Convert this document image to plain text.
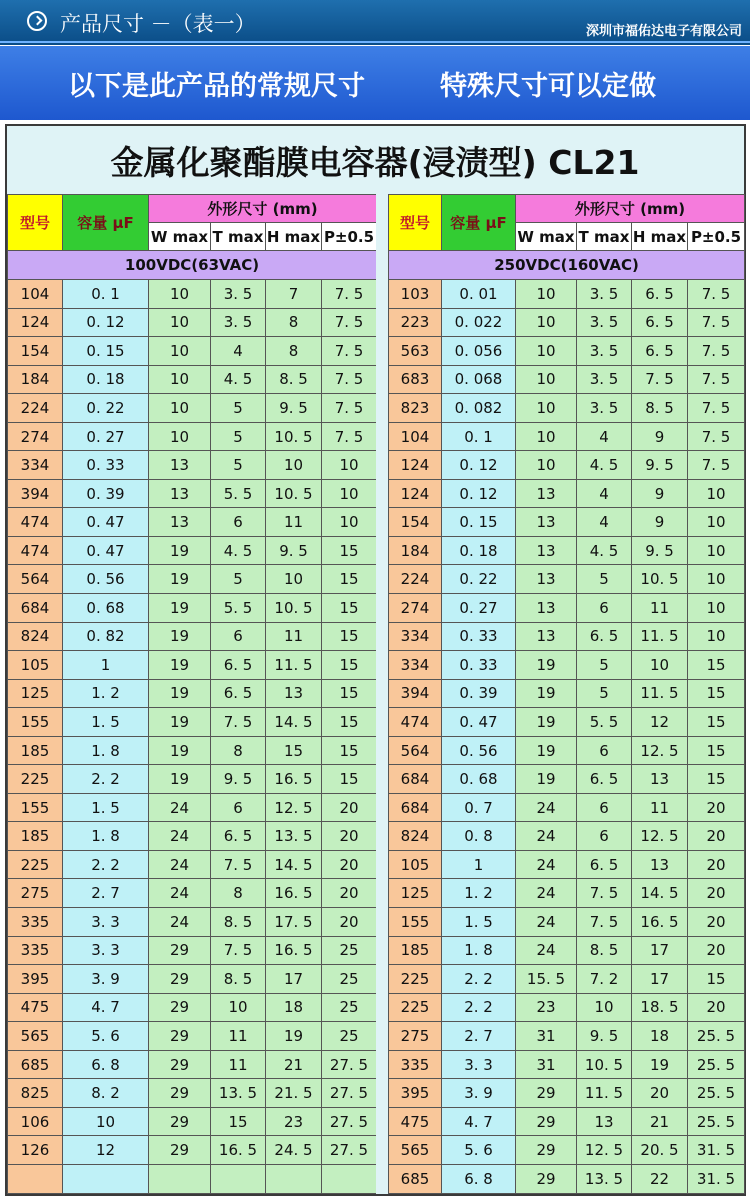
产品尺寸 －（表一）	深圳市福佑达电子有限公司
以下是此产品的常规尺寸	特殊尺寸可以定做
金属化聚酯膜电容器(浸渍型) CL21
型号	容量 μF	外形尺寸 (mm)			
		W max	T max	H max	P±0.5
100VDC(63VAC)					
104	0. 1	10	3. 5	7	7. 5
124	0. 12	10	3. 5	8	7. 5
154	0. 15	10	4	8	7. 5
184	0. 18	10	4. 5	8. 5	7. 5
224	0. 22	10	5	9. 5	7. 5
274	0. 27	10	5	10. 5	7. 5
334	0. 33	13	5	10	10
394	0. 39	13	5. 5	10. 5	10
474	0. 47	13	6	11	10
474	0. 47	19	4. 5	9. 5	15
564	0. 56	19	5	10	15
684	0. 68	19	5. 5	10. 5	15
824	0. 82	19	6	11	15
105	1	19	6. 5	11. 5	15
125	1. 2	19	6. 5	13	15
155	1. 5	19	7. 5	14. 5	15
185	1. 8	19	8	15	15
225	2. 2	19	9. 5	16. 5	15
155	1. 5	24	6	12. 5	20
185	1. 8	24	6. 5	13. 5	20
225	2. 2	24	7. 5	14. 5	20
275	2. 7	24	8	16. 5	20
335	3. 3	24	8. 5	17. 5	20
335	3. 3	29	7. 5	16. 5	25
395	3. 9	29	8. 5	17	25
475	4. 7	29	10	18	25
565	5. 6	29	11	19	25
685	6. 8	29	11	21	27. 5
825	8. 2	29	13. 5	21. 5	27. 5
106	10	29	15	23	27. 5
126	12	29	16. 5	24. 5	27. 5

型号	容量 μF	外形尺寸 (mm)			
		W max	T max	H max	P±0.5
250VDC(160VAC)					
103	0. 01	10	3. 5	6. 5	7. 5
223	0. 022	10	3. 5	6. 5	7. 5
563	0. 056	10	3. 5	6. 5	7. 5
683	0. 068	10	3. 5	7. 5	7. 5
823	0. 082	10	3. 5	8. 5	7. 5
104	0. 1	10	4	9	7. 5
124	0. 12	10	4. 5	9. 5	7. 5
124	0. 12	13	4	9	10
154	0. 15	13	4	9	10
184	0. 18	13	4. 5	9. 5	10
224	0. 22	13	5	10. 5	10
274	0. 27	13	6	11	10
334	0. 33	13	6. 5	11. 5	10
334	0. 33	19	5	10	15
394	0. 39	19	5	11. 5	15
474	0. 47	19	5. 5	12	15
564	0. 56	19	6	12. 5	15
684	0. 68	19	6. 5	13	15
684	0. 7	24	6	11	20
824	0. 8	24	6	12. 5	20
105	1	24	6. 5	13	20
125	1. 2	24	7. 5	14. 5	20
155	1. 5	24	7. 5	16. 5	20
185	1. 8	24	8. 5	17	20
225	2. 2	15. 5	7. 2	17	15
225	2. 2	23	10	18. 5	20
275	2. 7	31	9. 5	18	25. 5
335	3. 3	31	10. 5	19	25. 5
395	3. 9	29	11. 5	20	25. 5
475	4. 7	29	13	21	25. 5
565	5. 6	29	12. 5	20. 5	31. 5
685	6. 8	29	13. 5	22	31. 5
